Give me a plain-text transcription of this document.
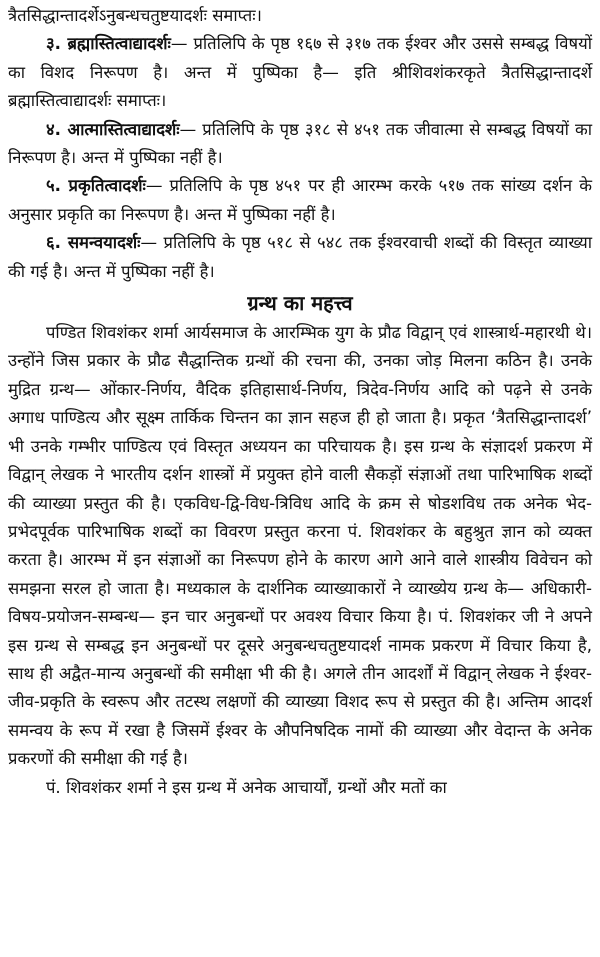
त्रैतसिद्धान्तादर्शेऽनुबन्धचतुष्टयादर्शः समाप्तः।

३. ब्रह्मास्तित्वाद्यादर्शः— प्रतिलिपि के पृष्ठ १६७ से ३१७ तक ईश्वर और उससे सम्बद्ध विषयों का विशद निरूपण है। अन्त में पुष्पिका है— इति श्रीशिवशंकरकृते त्रैतसिद्धान्तादर्शे ब्रह्मास्तित्वाद्यादर्शः समाप्तः।

४. आत्मास्तित्वाद्यादर्शः— प्रतिलिपि के पृष्ठ ३१८ से ४५१ तक जीवात्मा से सम्बद्ध विषयों का निरूपण है। अन्त में पुष्पिका नहीं है।

५. प्रकृतित्वादर्शः— प्रतिलिपि के पृष्ठ ४५१ पर ही आरम्भ करके ५१७ तक सांख्य दर्शन के अनुसार प्रकृति का निरूपण है। अन्त में पुष्पिका नहीं है।

६. समन्वयादर्शः— प्रतिलिपि के पृष्ठ ५१८ से ५४८ तक ईश्वरवाची शब्दों की विस्तृत व्याख्या की गई है। अन्त में पुष्पिका नहीं है।

ग्रन्थ का महत्त्व

पण्डित शिवशंकर शर्मा आर्यसमाज के आरम्भिक युग के प्रौढ विद्वान् एवं शास्त्रार्थ-महारथी थे। उन्होंने जिस प्रकार के प्रौढ सैद्धान्तिक ग्रन्थों की रचना की, उनका जोड़ मिलना कठिन है। उनके मुद्रित ग्रन्थ— ओंकार-निर्णय, वैदिक इतिहासार्थ-निर्णय, त्रिदेव-निर्णय आदि को पढ़ने से उनके अगाध पाण्डित्य और सूक्ष्म तार्किक चिन्तन का ज्ञान सहज ही हो जाता है। प्रकृत ‘त्रैतसिद्धान्तादर्श’ भी उनके गम्भीर पाण्डित्य एवं विस्तृत अध्ययन का परिचायक है। इस ग्रन्थ के संज्ञादर्श प्रकरण में विद्वान् लेखक ने भारतीय दर्शन शास्त्रों में प्रयुक्त होने वाली सैकड़ों संज्ञाओं तथा पारिभाषिक शब्दों की व्याख्या प्रस्तुत की है। एकविध-द्वि-विध-त्रिविध आदि के क्रम से षोडशविध तक अनेक भेद-प्रभेदपूर्वक पारिभाषिक शब्दों का विवरण प्रस्तुत करना पं. शिवशंकर के बहुश्रुत ज्ञान को व्यक्त करता है। आरम्भ में इन संज्ञाओं का निरूपण होने के कारण आगे आने वाले शास्त्रीय विवेचन को समझना सरल हो जाता है। मध्यकाल के दार्शनिक व्याख्याकारों ने व्याख्येय ग्रन्थ के— अधिकारी-विषय-प्रयोजन-सम्बन्ध— इन चार अनुबन्धों पर अवश्य विचार किया है। पं. शिवशंकर जी ने अपने इस ग्रन्थ से सम्बद्ध इन अनुबन्धों पर दूसरे अनुबन्धचतुष्टयादर्श नामक प्रकरण में विचार किया है, साथ ही अद्वैत-मान्य अनुबन्धों की समीक्षा भी की है। अगले तीन आदर्शों में विद्वान् लेखक ने ईश्वर-जीव-प्रकृति के स्वरूप और तटस्थ लक्षणों की व्याख्या विशद रूप से प्रस्तुत की है। अन्तिम आदर्श समन्वय के रूप में रखा है जिसमें ईश्वर के औपनिषदिक नामों की व्याख्या और वेदान्त के अनेक प्रकरणों की समीक्षा की गई है।

पं. शिवशंकर शर्मा ने इस ग्रन्थ में अनेक आचार्यों, ग्रन्थों और मतों का
